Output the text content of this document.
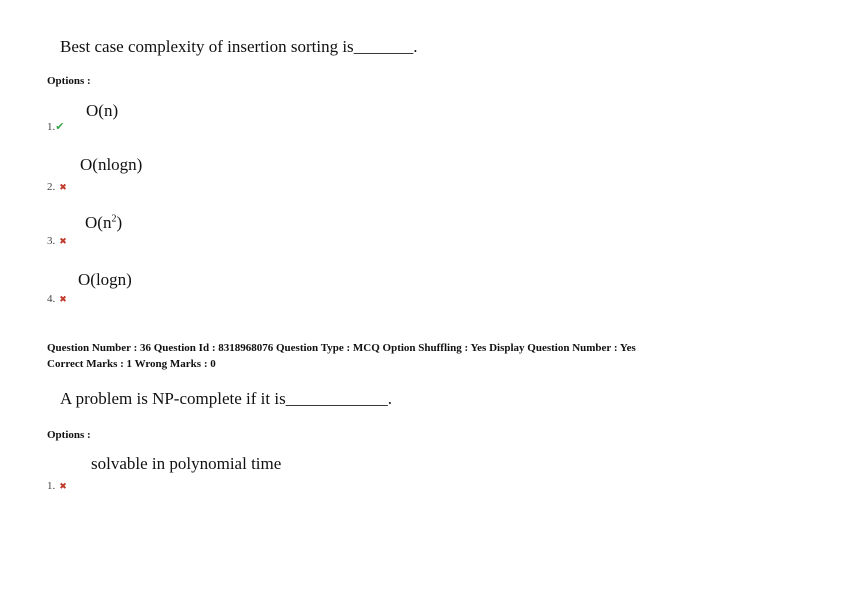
Best case complexity of insertion sorting is_______.
Options :
O(n)
1.✔
O(nlogn)
2. ✖
$O(n^2)$
3. ✖
O(logn)
4. ✖
Question Number : 36 Question Id : 8318968076 Question Type : MCQ Option Shuffling : Yes Display Question Number : Yes
Correct Marks : 1 Wrong Marks : 0
A problem is NP-complete if it is____________.
Options :
solvable in polynomial time
1. ✖
